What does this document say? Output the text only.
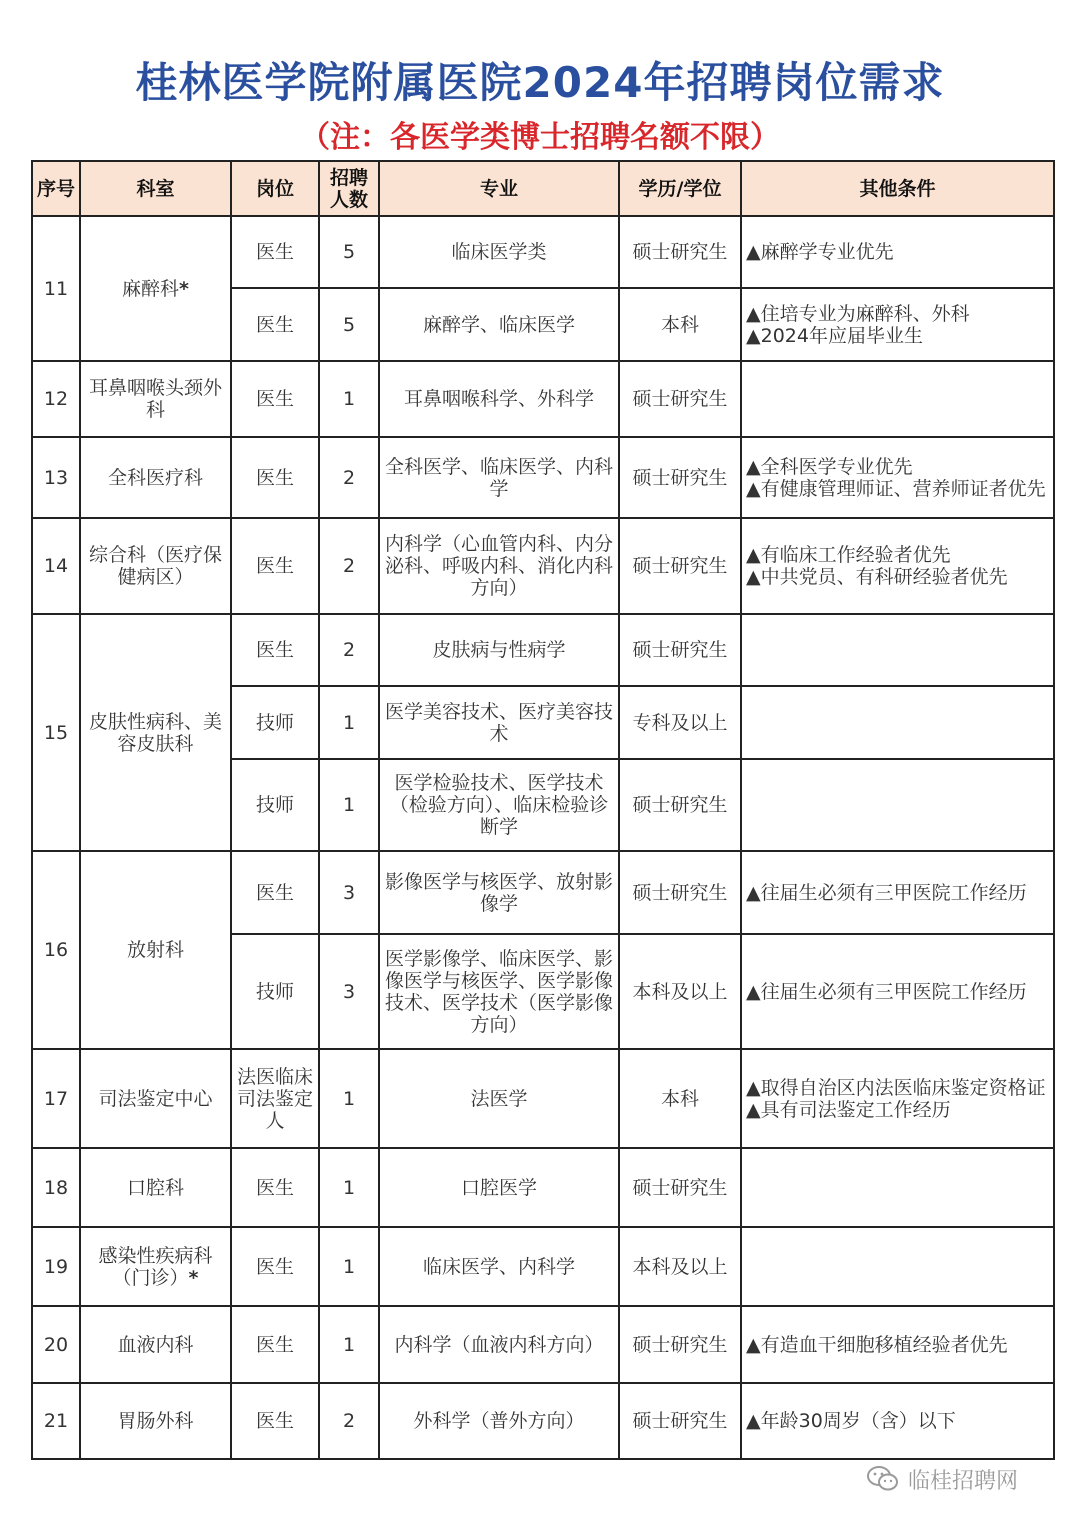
桂林医学院附属医院2024年招聘岗位需求
（注：各医学类博士招聘名额不限）
序号	科室	岗位	招聘人数	专业	学历/学位	其他条件
11	麻醉科*	医生	5	临床医学类	硕士研究生	▲麻醉学专业优先

		医生	5	麻醉学、临床医学	本科	▲住培专业为麻醉科、外科
▲2024年应届毕业生

12	耳鼻咽喉头颈外科	医生	1	耳鼻咽喉科学、外科学	硕士研究生	
13	全科医疗科	医生	2	全科医学、临床医学、内科学	硕士研究生	▲全科医学专业优先
▲有健康管理师证、营养师证者优先

14	综合科（医疗保健病区）	医生	2	内科学（心血管内科、内分泌科、呼吸内科、消化内科方向）	硕士研究生	▲有临床工作经验者优先
▲中共党员、有科研经验者优先

15	皮肤性病科、美容皮肤科	医生	2	皮肤病与性病学	硕士研究生	
		技师	1	医学美容技术、医疗美容技术	专科及以上	
		技师	1	医学检验技术、医学技术（检验方向）、临床检验诊断学	硕士研究生	
16	放射科	医生	3	影像医学与核医学、放射影像学	硕士研究生	▲往届生必须有三甲医院工作经历

		技师	3	医学影像学、临床医学、影像医学与核医学、医学影像技术、医学技术（医学影像方向）	本科及以上	▲往届生必须有三甲医院工作经历

17	司法鉴定中心	法医临床司法鉴定人	1	法医学	本科	▲取得自治区内法医临床鉴定资格证
▲具有司法鉴定工作经历

18	口腔科	医生	1	口腔医学	硕士研究生	
19	感染性疾病科（门诊）*	医生	1	临床医学、内科学	本科及以上	
20	血液内科	医生	1	内科学（血液内科方向）	硕士研究生	▲有造血干细胞移植经验者优先

21	胃肠外科	医生	2	外科学（普外方向）	硕士研究生	▲年龄30周岁（含）以下
临桂招聘网
